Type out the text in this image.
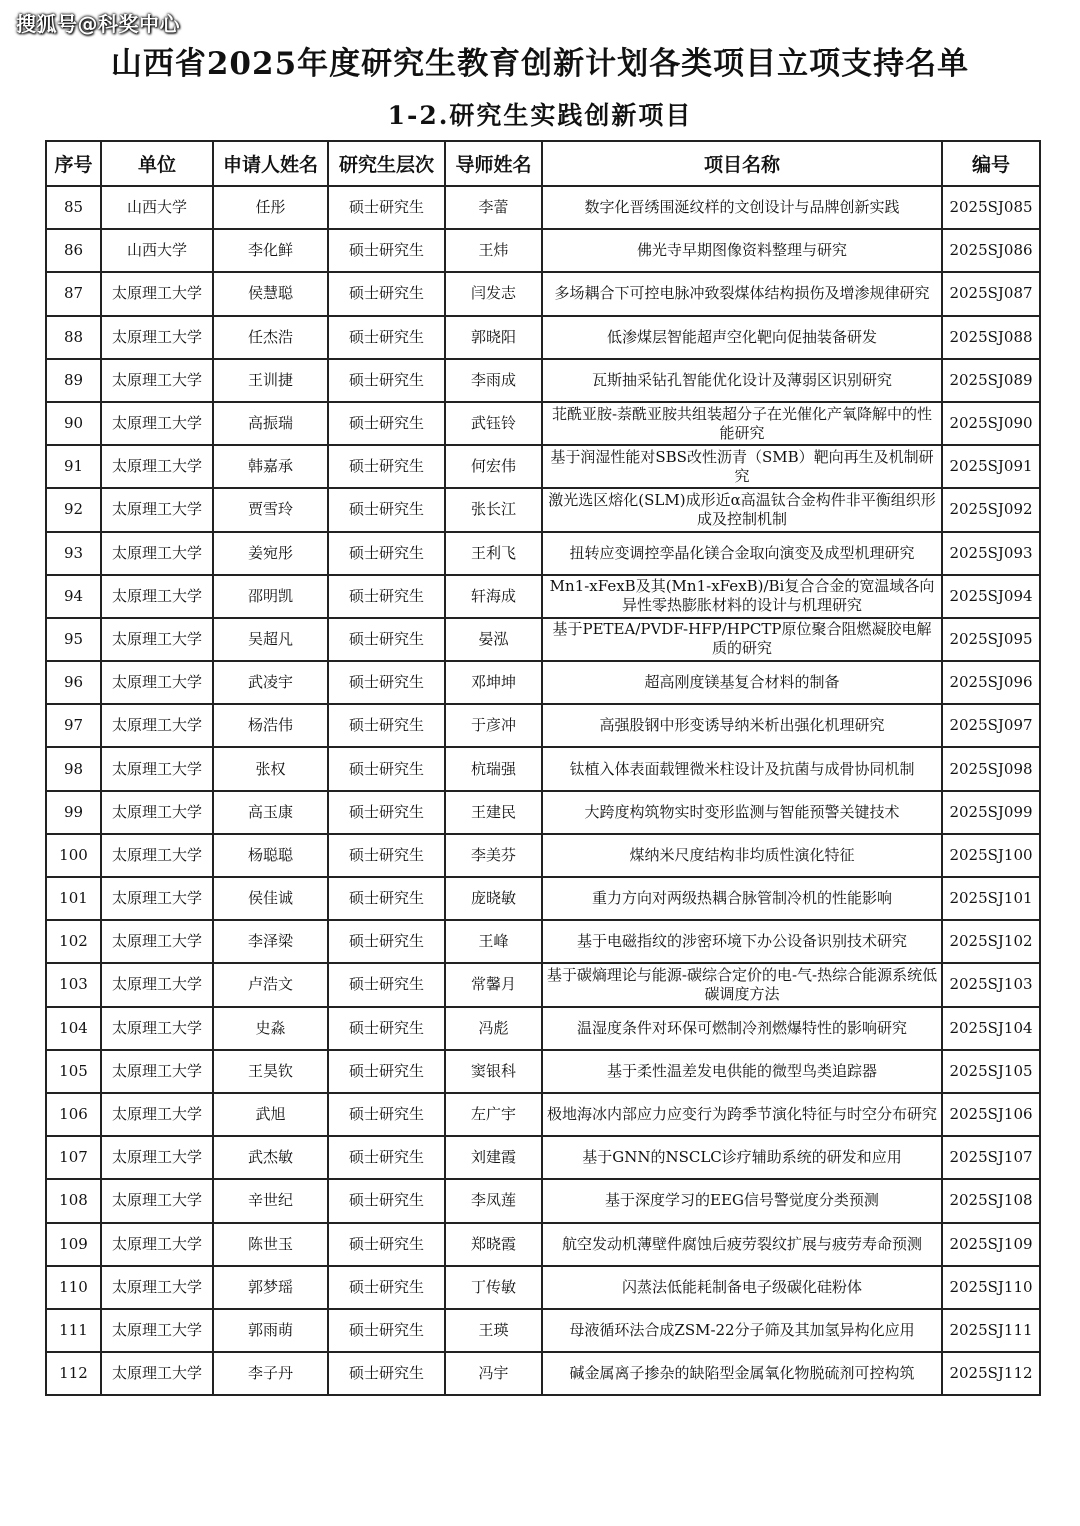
搜狐号@科奖中心
山西省2025年度研究生教育创新计划各类项目立项支持名单
1-2.研究生实践创新项目
序号	单位	申请人姓名	研究生层次	导师姓名	项目名称	编号
85	山西大学	任彤	硕士研究生	李蕾	数字化晋绣围涎纹样的文创设计与品牌创新实践	2025SJ085
86	山西大学	李化鲜	硕士研究生	王炜	佛光寺早期图像资料整理与研究	2025SJ086
87	太原理工大学	侯慧聪	硕士研究生	闫发志	多场耦合下可控电脉冲致裂煤体结构损伤及增渗规律研究	2025SJ087
88	太原理工大学	任杰浩	硕士研究生	郭晓阳	低渗煤层智能超声空化靶向促抽装备研发	2025SJ088
89	太原理工大学	王训捷	硕士研究生	李雨成	瓦斯抽采钻孔智能优化设计及薄弱区识别研究	2025SJ089
90	太原理工大学	高振瑞	硕士研究生	武钰铃	苝酰亚胺-萘酰亚胺共组装超分子在光催化产氧降解中的性能研究	2025SJ090
91	太原理工大学	韩嘉承	硕士研究生	何宏伟	基于润湿性能对SBS改性沥青（SMB）靶向再生及机制研究	2025SJ091
92	太原理工大学	贾雪玲	硕士研究生	张长江	激光选区熔化(SLM)成形近α高温钛合金构件非平衡组织形成及控制机制	2025SJ092
93	太原理工大学	姜宛彤	硕士研究生	王利飞	扭转应变调控孪晶化镁合金取向演变及成型机理研究	2025SJ093
94	太原理工大学	邵明凯	硕士研究生	轩海成	Mn1-xFexB及其(Mn1-xFexB)/Bi复合合金的宽温域各向异性零热膨胀材料的设计与机理研究	2025SJ094
95	太原理工大学	吴超凡	硕士研究生	晏泓	基于PETEA/PVDF-HFP/HPCTP原位聚合阻燃凝胶电解质的研究	2025SJ095
96	太原理工大学	武凌宇	硕士研究生	邓坤坤	超高刚度镁基复合材料的制备	2025SJ096
97	太原理工大学	杨浩伟	硕士研究生	于彦冲	高强股钢中形变诱导纳米析出强化机理研究	2025SJ097
98	太原理工大学	张权	硕士研究生	杭瑞强	钛植入体表面载锂微米柱设计及抗菌与成骨协同机制	2025SJ098
99	太原理工大学	高玉康	硕士研究生	王建民	大跨度构筑物实时变形监测与智能预警关键技术	2025SJ099
100	太原理工大学	杨聪聪	硕士研究生	李美芬	煤纳米尺度结构非均质性演化特征	2025SJ100
101	太原理工大学	侯佳诚	硕士研究生	庞晓敏	重力方向对两级热耦合脉管制冷机的性能影响	2025SJ101
102	太原理工大学	李泽梁	硕士研究生	王峰	基于电磁指纹的涉密环境下办公设备识别技术研究	2025SJ102
103	太原理工大学	卢浩文	硕士研究生	常馨月	基于碳熵理论与能源-碳综合定价的电-气-热综合能源系统低碳调度方法	2025SJ103
104	太原理工大学	史淼	硕士研究生	冯彪	温湿度条件对环保可燃制冷剂燃爆特性的影响研究	2025SJ104
105	太原理工大学	王昊钦	硕士研究生	窦银科	基于柔性温差发电供能的微型鸟类追踪器	2025SJ105
106	太原理工大学	武旭	硕士研究生	左广宇	极地海冰内部应力应变行为跨季节演化特征与时空分布研究	2025SJ106
107	太原理工大学	武杰敏	硕士研究生	刘建霞	基于GNN的NSCLC诊疗辅助系统的研发和应用	2025SJ107
108	太原理工大学	辛世纪	硕士研究生	李凤莲	基于深度学习的EEG信号警觉度分类预测	2025SJ108
109	太原理工大学	陈世玉	硕士研究生	郑晓霞	航空发动机薄壁件腐蚀后疲劳裂纹扩展与疲劳寿命预测	2025SJ109
110	太原理工大学	郭梦瑶	硕士研究生	丁传敏	闪蒸法低能耗制备电子级碳化硅粉体	2025SJ110
111	太原理工大学	郭雨萌	硕士研究生	王瑛	母液循环法合成ZSM-22分子筛及其加氢异构化应用	2025SJ111
112	太原理工大学	李子丹	硕士研究生	冯宇	碱金属离子掺杂的缺陷型金属氧化物脱硫剂可控构筑	2025SJ112
